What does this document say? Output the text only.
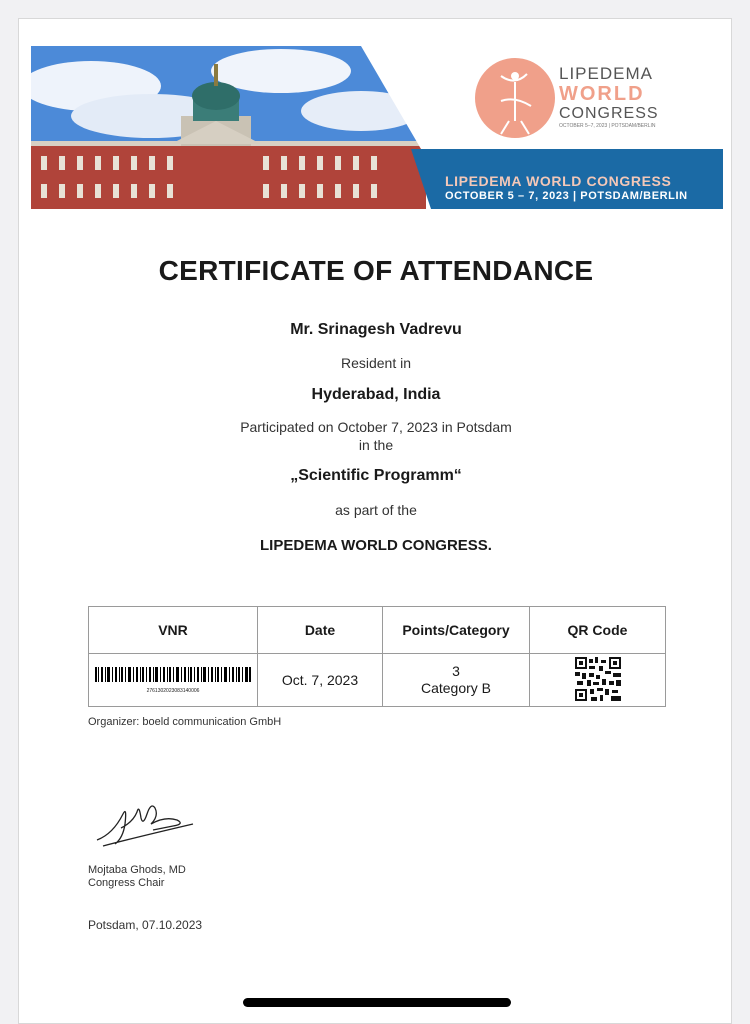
LIPEDEMA
WORLD
CONGRESS
OCTOBER 5–7, 2023 | POTSDAM/BERLIN
LIPEDEMA WORLD CONGRESS
OCTOBER 5 – 7, 2023 | POTSDAM/BERLIN
CERTIFICATE OF ATTENDANCE
Mr. Srinagesh Vadrevu
Resident in
Hyderabad, India
Participated on October 7, 2023 in Potsdam
in the
„Scientific Programm“
as part of the
LIPEDEMA WORLD CONGRESS.
VNR	Date	Points/Category	QR Code

2761302023083140006	Oct. 7, 2023	3
Category B

Organizer: boeld communication GmbH
Mojtaba Ghods, MD
Congress Chair
Potsdam, 07.10.2023
